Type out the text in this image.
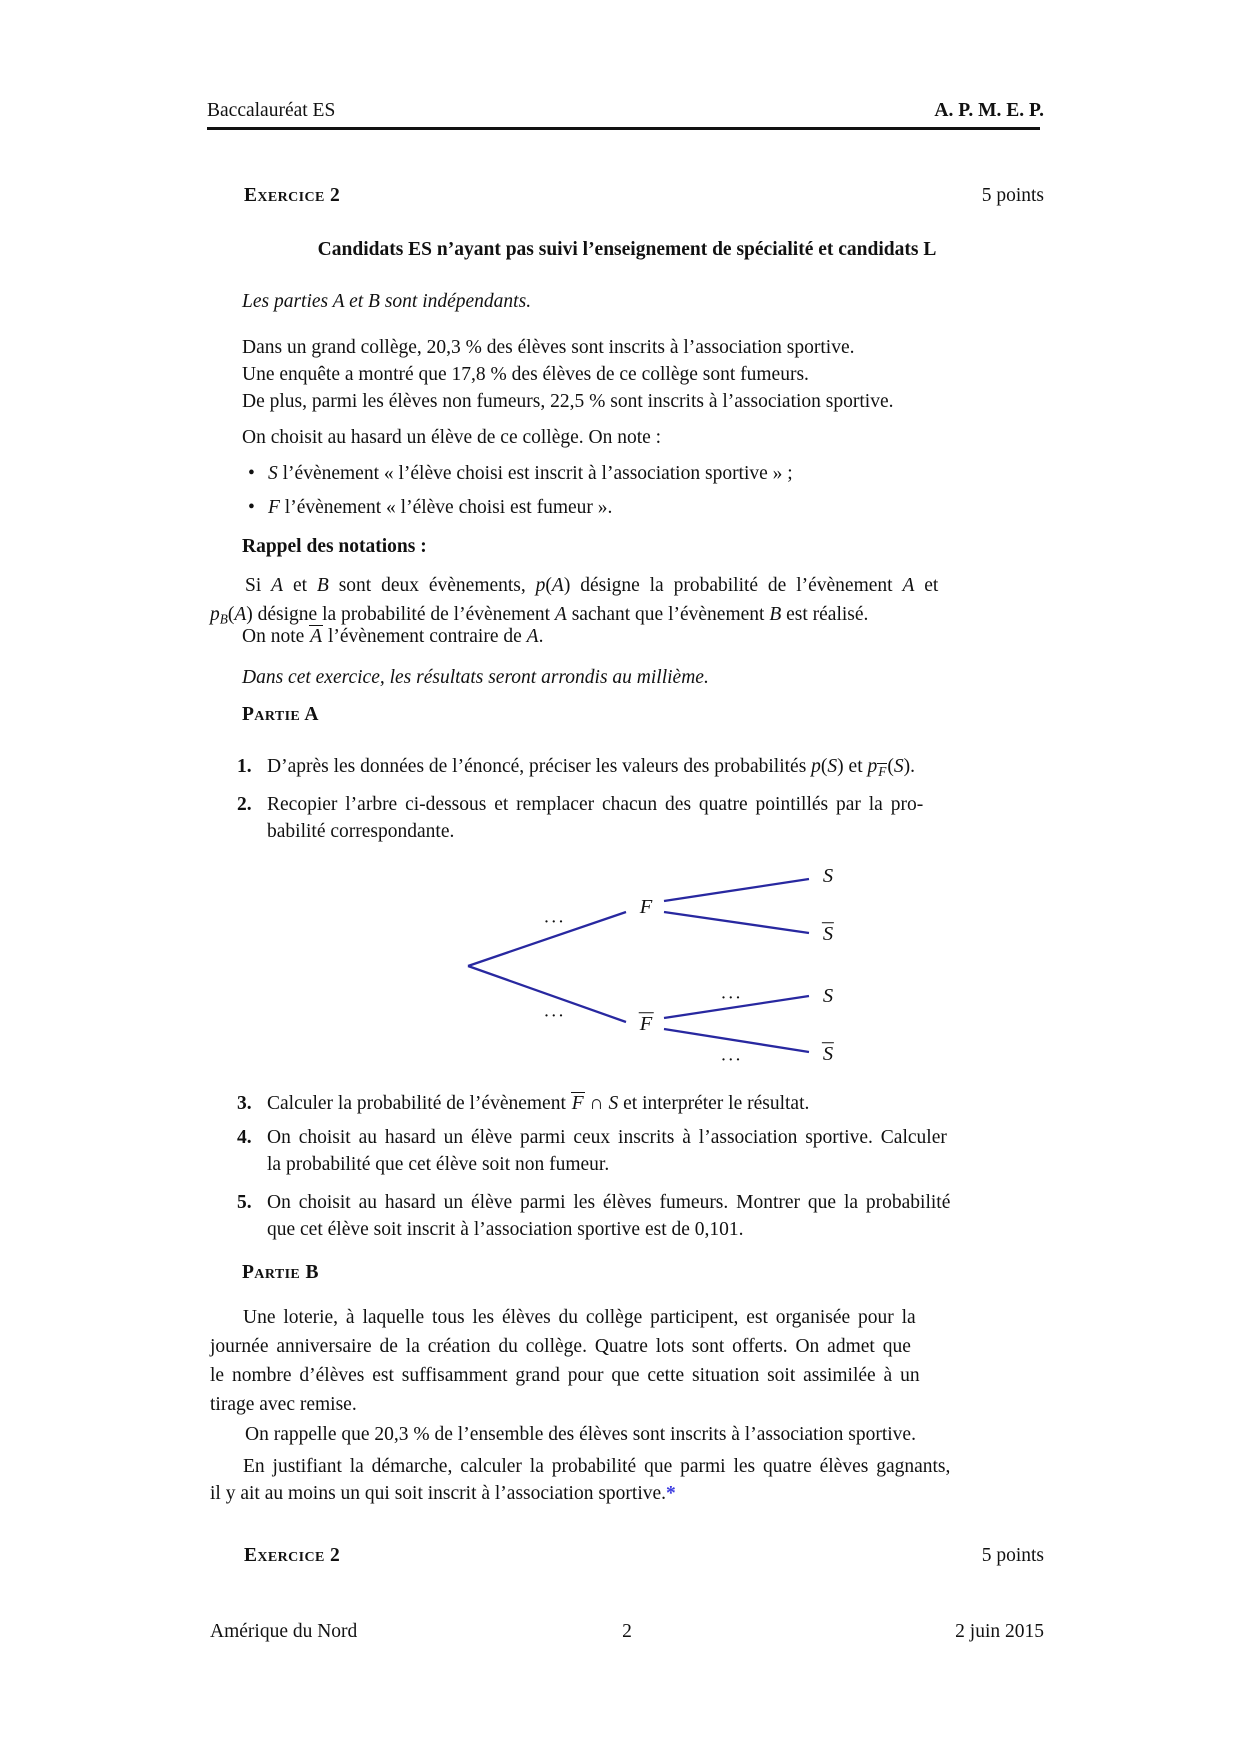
Baccalauréat ES	A. P. M. E. P.
Exercice 2	5 points
Candidats ES n’ayant pas suivi l’enseignement de spécialité et candidats L
Les parties A et B sont indépendants.
Dans un grand collège, 20,3 % des élèves sont inscrits à l’association sportive.
Une enquête a montré que 17,8 % des élèves de ce collège sont fumeurs.
De plus, parmi les élèves non fumeurs, 22,5 % sont inscrits à l’association sportive.
On choisit au hasard un élève de ce collège. On note :
• S l’évènement « l’élève choisi est inscrit à l’association sportive » ;
• F l’évènement « l’élève choisi est fumeur ».
Rappel des notations :
Si A et B sont deux évènements, p(A) désigne la probabilité de l’évènement A et
$p_B(A)$ désigne la probabilité de l’évènement A sachant que l’évènement B est réalisé.
On note A l’évènement contraire de A.
Dans cet exercice, les résultats seront arrondis au millième.
Partie A
1. D’après les données de l’énoncé, préciser les valeurs des probabilités p(S) et pF(S).
2. Recopier l’arbre ci-dessous et remplacer chacun des quatre pointillés par la pro-
babilité correspondante.
...
...
...
...
F
F
S
S
S
S
3. Calculer la probabilité de l’évènement F ∩ S et interpréter le résultat.
4. On choisit au hasard un élève parmi ceux inscrits à l’association sportive. Calculer
la probabilité que cet élève soit non fumeur.
5. On choisit au hasard un élève parmi les élèves fumeurs. Montrer que la probabilité
que cet élève soit inscrit à l’association sportive est de 0,101.
Partie B
Une loterie, à laquelle tous les élèves du collège participent, est organisée pour la
journée anniversaire de la création du collège. Quatre lots sont offerts. On admet que
le nombre d’élèves est suffisamment grand pour que cette situation soit assimilée à un
tirage avec remise.
On rappelle que 20,3 % de l’ensemble des élèves sont inscrits à l’association sportive.
En justifiant la démarche, calculer la probabilité que parmi les quatre élèves gagnants,
il y ait au moins un qui soit inscrit à l’association sportive.*
Exercice 2	5 points
Amérique du Nord	2	2 juin 2015
